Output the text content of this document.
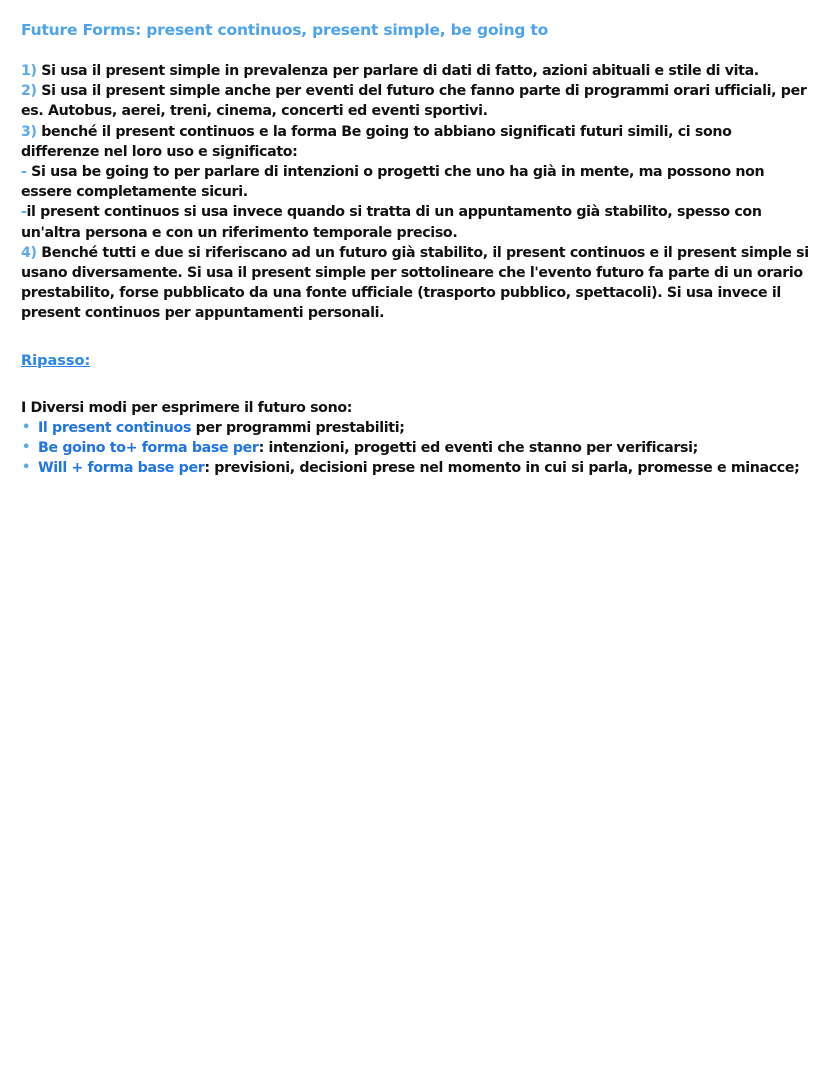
Future Forms: present continuos, present simple, be going to

1) Si usa il present simple in prevalenza per parlare di dati di fatto, azioni abituali e stile di vita.

2) Si usa il present simple anche per eventi del futuro che fanno parte di programmi orari ufficiali, per es. Autobus, aerei, treni, cinema, concerti ed eventi sportivi.

3) benché il present continuos e la forma Be going to abbiano significati futuri simili, ci sono differenze nel loro uso e significato:

- Si usa be going to per parlare di intenzioni o progetti che uno ha già in mente, ma possono non essere completamente sicuri.

-il present continuos si usa invece quando si tratta di un appuntamento già stabilito, spesso con un'altra persona e con un riferimento temporale preciso.

4) Benché tutti e due si riferiscano ad un futuro già stabilito, il present continuos e il present simple si usano diversamente. Si usa il present simple per sottolineare che l'evento futuro fa parte di un orario prestabilito, forse pubblicato da una fonte ufficiale (trasporto pubblico, spettacoli). Si usa invece il present continuos per appuntamenti personali.

Ripasso:

I Diversi modi per esprimere il futuro sono:

• Il present continuos per programmi prestabiliti;
• Be goino to+ forma base per: intenzioni, progetti ed eventi che stanno per verificarsi;
• Will + forma base per: previsioni, decisioni prese nel momento in cui si parla, promesse e minacce;
